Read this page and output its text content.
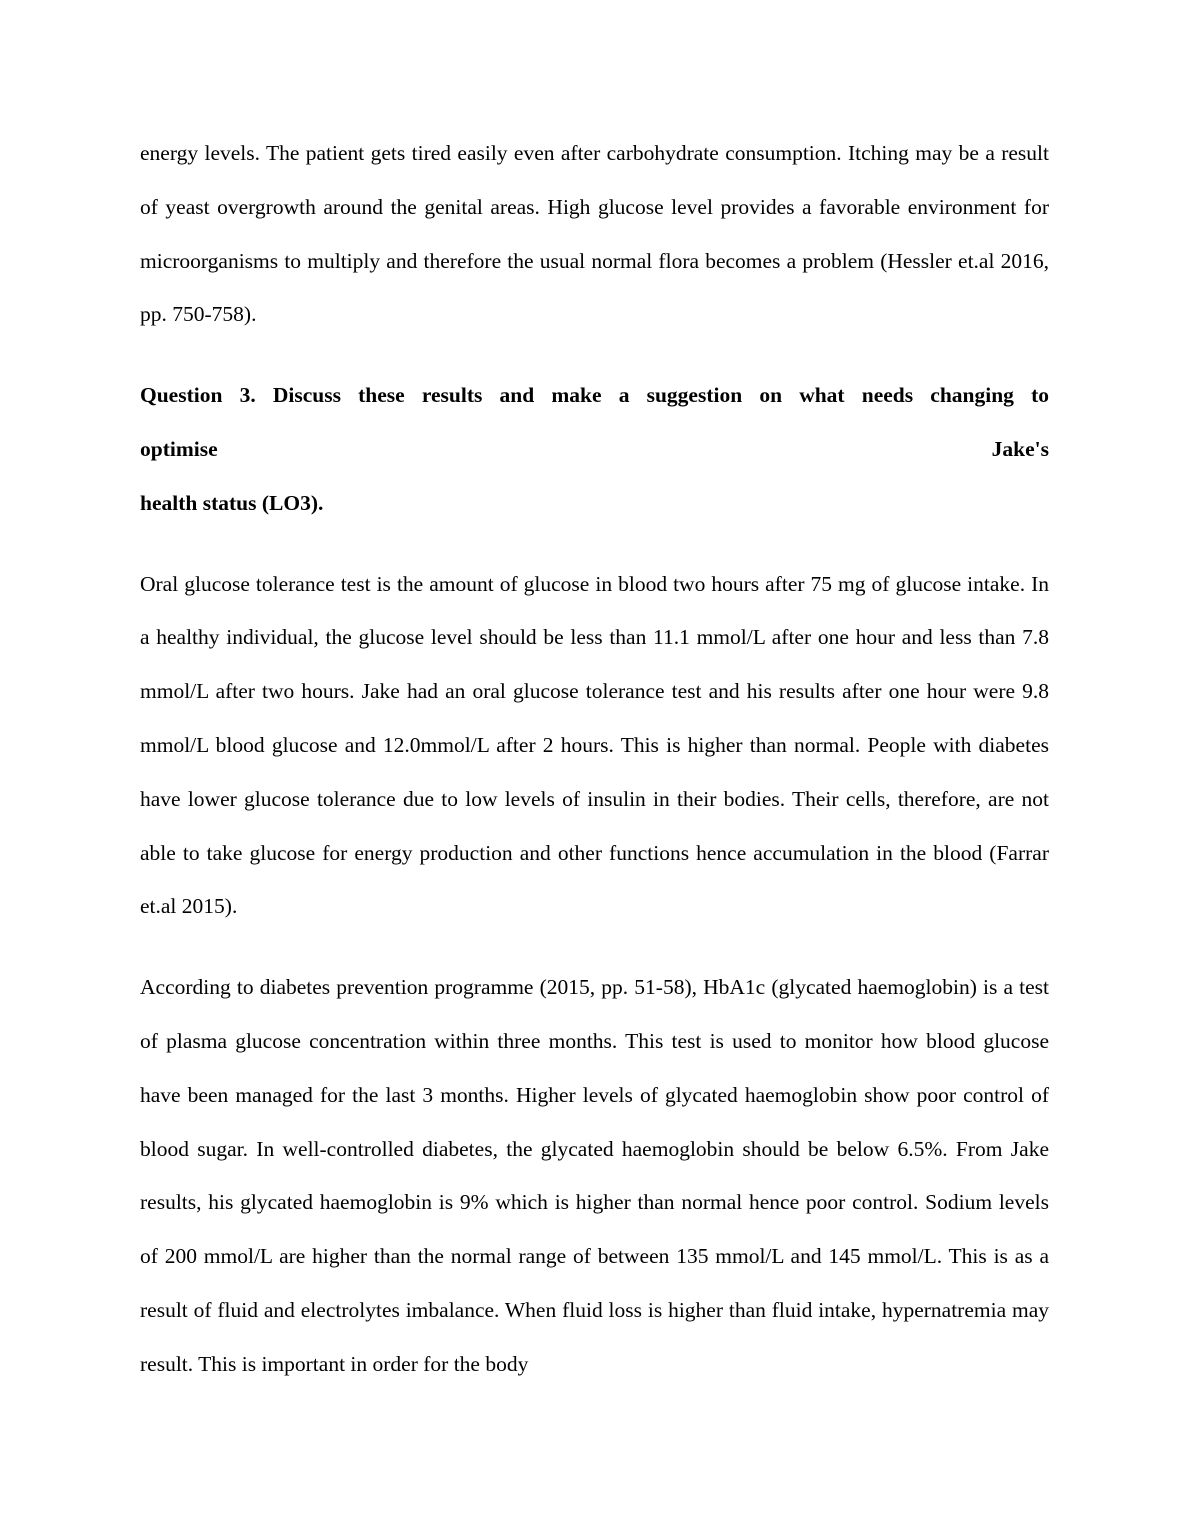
energy levels. The patient gets tired easily even after carbohydrate consumption. Itching may be a result of yeast overgrowth around the genital areas. High glucose level provides a favorable environment for microorganisms to multiply and therefore the usual normal flora becomes a problem (Hessler et.al 2016, pp. 750-758).

Question 3. Discuss these results and make a suggestion on what needs changing to
optimise	Jake's
health status (LO3).

Oral glucose tolerance test is the amount of glucose in blood two hours after 75 mg of glucose intake. In a healthy individual, the glucose level should be less than 11.1 mmol/L after one hour and less than 7.8 mmol/L after two hours. Jake had an oral glucose tolerance test and his results after one hour were 9.8 mmol/L blood glucose and 12.0mmol/L after 2 hours. This is higher than normal. People with diabetes have lower glucose tolerance due to low levels of insulin in their bodies. Their cells, therefore, are not able to take glucose for energy production and other functions hence accumulation in the blood (Farrar et.al 2015).

According to diabetes prevention programme (2015, pp. 51-58), HbA1c (glycated haemoglobin) is a test of plasma glucose concentration within three months. This test is used to monitor how blood glucose have been managed for the last 3 months. Higher levels of glycated haemoglobin show poor control of blood sugar. In well-controlled diabetes, the glycated haemoglobin should be below 6.5%. From Jake results, his glycated haemoglobin is 9% which is higher than normal hence poor control. Sodium levels of 200 mmol/L are higher than the normal range of between 135 mmol/L and 145 mmol/L. This is as a result of fluid and electrolytes imbalance. When fluid loss is higher than fluid intake, hypernatremia may result. This is important in order for the body
